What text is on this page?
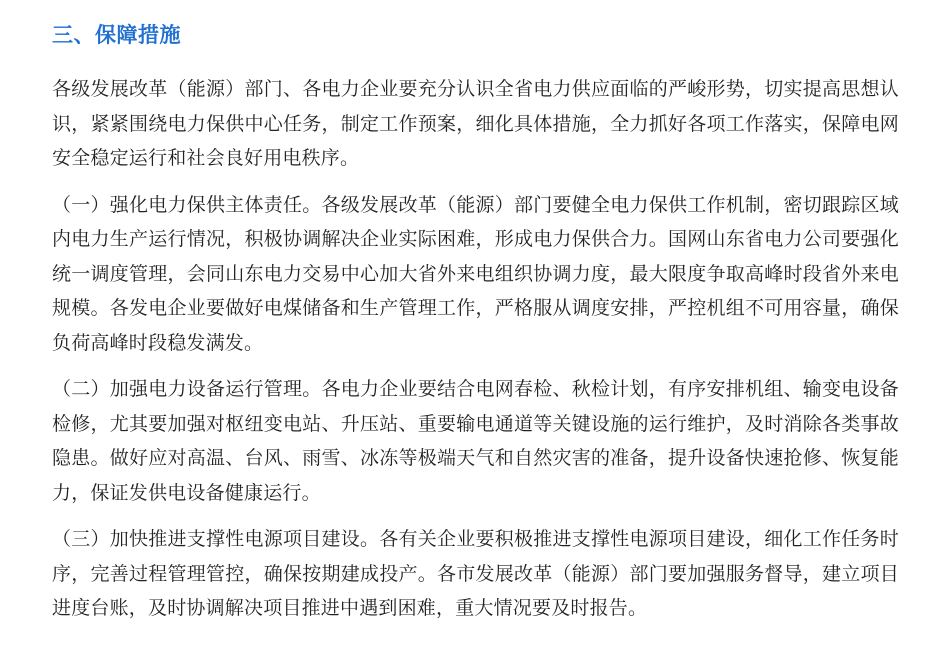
三、保障措施

各级发展改革（能源）部门、各电力企业要充分认识全省电力供应面临的严峻形势，切实提高思想认识，紧紧围绕电力保供中心任务，制定工作预案，细化具体措施，全力抓好各项工作落实，保障电网安全稳定运行和社会良好用电秩序。

（一）强化电力保供主体责任。各级发展改革（能源）部门要健全电力保供工作机制，密切跟踪区域内电力生产运行情况，积极协调解决企业实际困难，形成电力保供合力。国网山东省电力公司要强化统一调度管理，会同山东电力交易中心加大省外来电组织协调力度，最大限度争取高峰时段省外来电规模。各发电企业要做好电煤储备和生产管理工作，严格服从调度安排，严控机组不可用容量，确保负荷高峰时段稳发满发。

（二）加强电力设备运行管理。各电力企业要结合电网春检、秋检计划，有序安排机组、输变电设备检修，尤其要加强对枢纽变电站、升压站、重要输电通道等关键设施的运行维护，及时消除各类事故隐患。做好应对高温、台风、雨雪、冰冻等极端天气和自然灾害的准备，提升设备快速抢修、恢复能力，保证发供电设备健康运行。

（三）加快推进支撑性电源项目建设。各有关企业要积极推进支撑性电源项目建设，细化工作任务时序，完善过程管理管控，确保按期建成投产。各市发展改革（能源）部门要加强服务督导，建立项目进度台账，及时协调解决项目推进中遇到困难，重大情况要及时报告。
